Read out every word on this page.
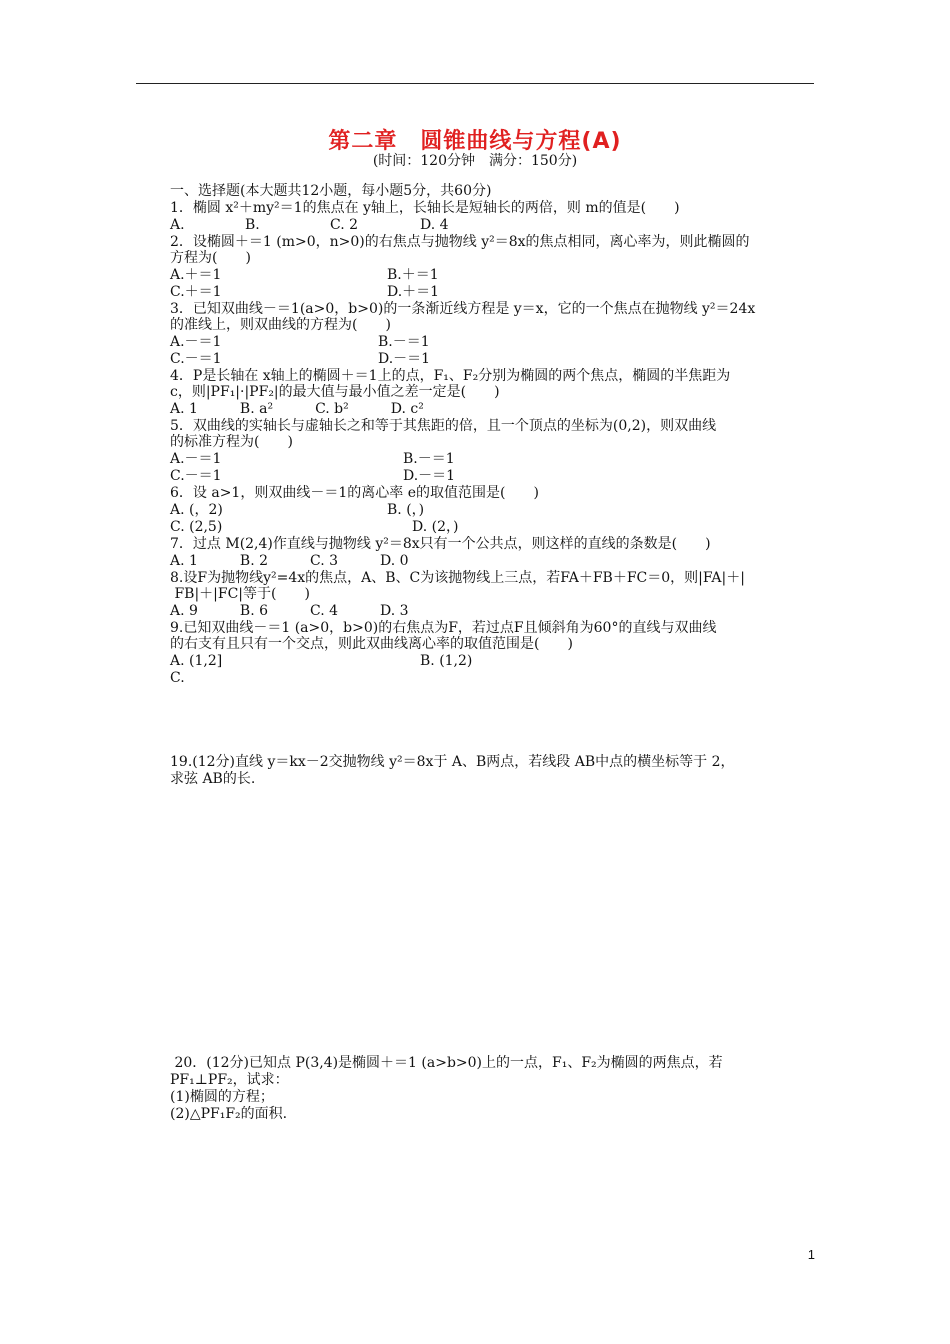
第二章　圆锥曲线与方程(A)
(时间：120分钟　满分：150分)
一、选择题(本大题共12小题，每小题5分，共60分)
1．椭圆 x²＋my²＝1的焦点在 y轴上，长轴长是短轴长的两倍，则 m的值是(　　)
A.	B.	C. 2	D. 4
2．设椭圆＋＝1 (m>0，n>0)的右焦点与抛物线 y²＝8x的焦点相同，离心率为，则此椭圆的
方程为(　　)
A.＋＝1	B.＋＝1
C.＋＝1	D.＋＝1
3．已知双曲线－＝1(a>0，b>0)的一条渐近线方程是 y＝x，它的一个焦点在抛物线 y²＝24x
的准线上，则双曲线的方程为(　　)
A.－＝1	B.－＝1
C.－＝1	D.－＝1
4．P是长轴在 x轴上的椭圆＋＝1上的点，F₁、F₂分别为椭圆的两个焦点，椭圆的半焦距为
c，则|PF₁|·|PF₂|的最大值与最小值之差一定是(　　)
A. 1　　　B. a²　　　C. b²　　　D. c²
5．双曲线的实轴长与虚轴长之和等于其焦距的倍，且一个顶点的坐标为(0,2)，则双曲线
的标准方程为(　　)
A.－＝1	B.－＝1
C.－＝1	D.－＝1
6．设 a>1，则双曲线－＝1的离心率 e的取值范围是(　　)
A. (，2)	B. (，)
C. (2,5)	D. (2，)
7．过点 M(2,4)作直线与抛物线 y²＝8x只有一个公共点，则这样的直线的条数是(　　)
A. 1　　　B. 2　　　C. 3　　　D. 0
8.设F为抛物线y²=4x的焦点，A、B、C为该抛物线上三点，若FA＋FB＋FC＝0，则|FA|＋|
FB|＋|FC|等于(　　)
A. 9　　　B. 6　　　C. 4　　　D. 3
9.已知双曲线－＝1 (a>0，b>0)的右焦点为F，若过点F且倾斜角为60°的直线与双曲线
的右支有且只有一个交点，则此双曲线离心率的取值范围是(　　)
A. (1,2]	B. (1,2)
C.
19.(12分)直线 y＝kx－2交抛物线 y²＝8x于 A、B两点，若线段 AB中点的横坐标等于 2，
求弦 AB的长.
20．(12分)已知点 P(3,4)是椭圆＋＝1 (a>b>0)上的一点，F₁、F₂为椭圆的两焦点，若
PF₁⊥PF₂，试求：
(1)椭圆的方程；
(2)△PF₁F₂的面积.
1
